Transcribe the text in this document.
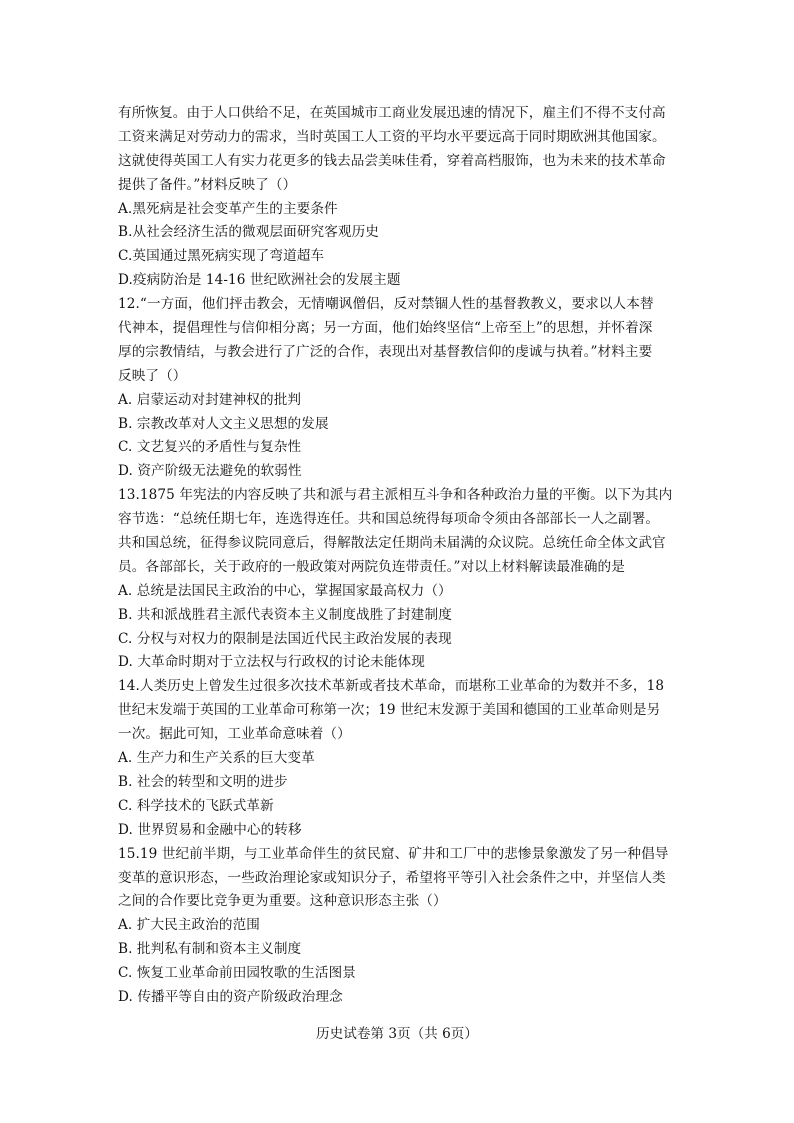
有所恢复。由于人口供给不足，在英国城市工商业发展迅速的情况下，雇主们不得不支付高
工资来满足对劳动力的需求，当时英国工人工资的平均水平要远高于同时期欧洲其他国家。
这就使得英国工人有实力花更多的钱去品尝美味佳肴，穿着高档服饰，也为未来的技术革命
提供了备件。”材料反映了（）
A.黑死病是社会变革产生的主要条件
B.从社会经济生活的微观层面研究客观历史
C.英国通过黑死病实现了弯道超车
D.疫病防治是 14-16 世纪欧洲社会的发展主题
12.“一方面，他们抨击教会，无情嘲讽僧侣，反对禁锢人性的基督教教义，要求以人本替
代神本，提倡理性与信仰相分离；另一方面，他们始终坚信“上帝至上”的思想，并怀着深
厚的宗教情结，与教会进行了广泛的合作，表现出对基督教信仰的虔诚与执着。”材料主要
反映了（）
A. 启蒙运动对封建神权的批判
B. 宗教改革对人文主义思想的发展
C. 文艺复兴的矛盾性与复杂性
D. 资产阶级无法避免的软弱性
13.1875 年宪法的内容反映了共和派与君主派相互斗争和各种政治力量的平衡。以下为其内
容节选：“总统任期七年，连选得连任。共和国总统得每项命令须由各部部长一人之副署。
共和国总统，征得参议院同意后，得解散法定任期尚未届满的众议院。总统任命全体文武官
员。各部部长，关于政府的一般政策对两院负连带责任。”对以上材料解读最准确的是
A. 总统是法国民主政治的中心，掌握国家最高权力（）
B. 共和派战胜君主派代表资本主义制度战胜了封建制度
C. 分权与对权力的限制是法国近代民主政治发展的表现
D. 大革命时期对于立法权与行政权的讨论未能体现
14.人类历史上曾发生过很多次技术革新或者技术革命，而堪称工业革命的为数并不多，18
世纪末发端于英国的工业革命可称第一次；19 世纪末发源于美国和德国的工业革命则是另
一次。据此可知，工业革命意味着（）
A. 生产力和生产关系的巨大变革
B. 社会的转型和文明的进步
C. 科学技术的飞跃式革新
D. 世界贸易和金融中心的转移
15.19 世纪前半期，与工业革命伴生的贫民窟、矿井和工厂中的悲惨景象激发了另一种倡导
变革的意识形态，一些政治理论家或知识分子，希望将平等引入社会条件之中，并坚信人类
之间的合作要比竞争更为重要。这种意识形态主张（）
A. 扩大民主政治的范围
B. 批判私有制和资本主义制度
C. 恢复工业革命前田园牧歌的生活图景
D. 传播平等自由的资产阶级政治理念
历史试卷第 3页（共 6页）
